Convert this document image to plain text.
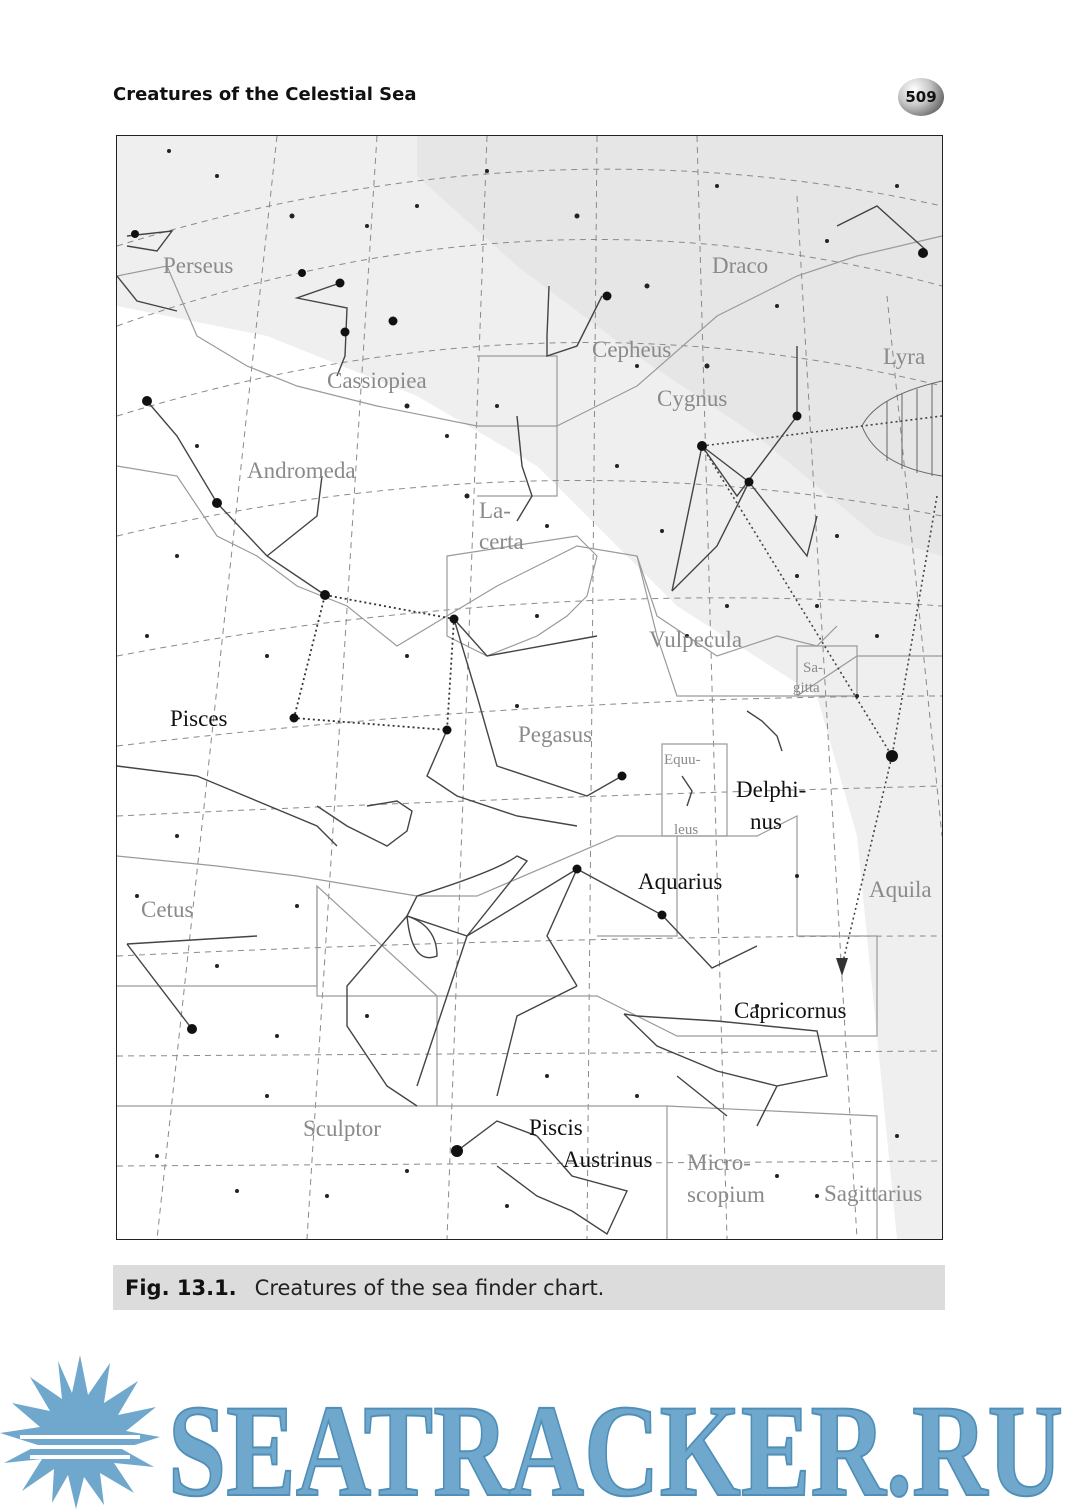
Creatures of the Celestial Sea	509
Perseus	Draco
Cepheus	Lyra
Cassiopiea
Cygnus
Andromeda
La-
certa
Vulpecula
Sa-
gitta
Pisces
Pegasus
Equu-
leus
Delphi-
nus
Aquarius	Aquila
Cetus
Capricornus
Sculptor	Piscis
Austrinus Micro-
scopium	Sagittarius
Fig. 13.1. Creatures of the sea finder chart.
SEATRACKER.RU
